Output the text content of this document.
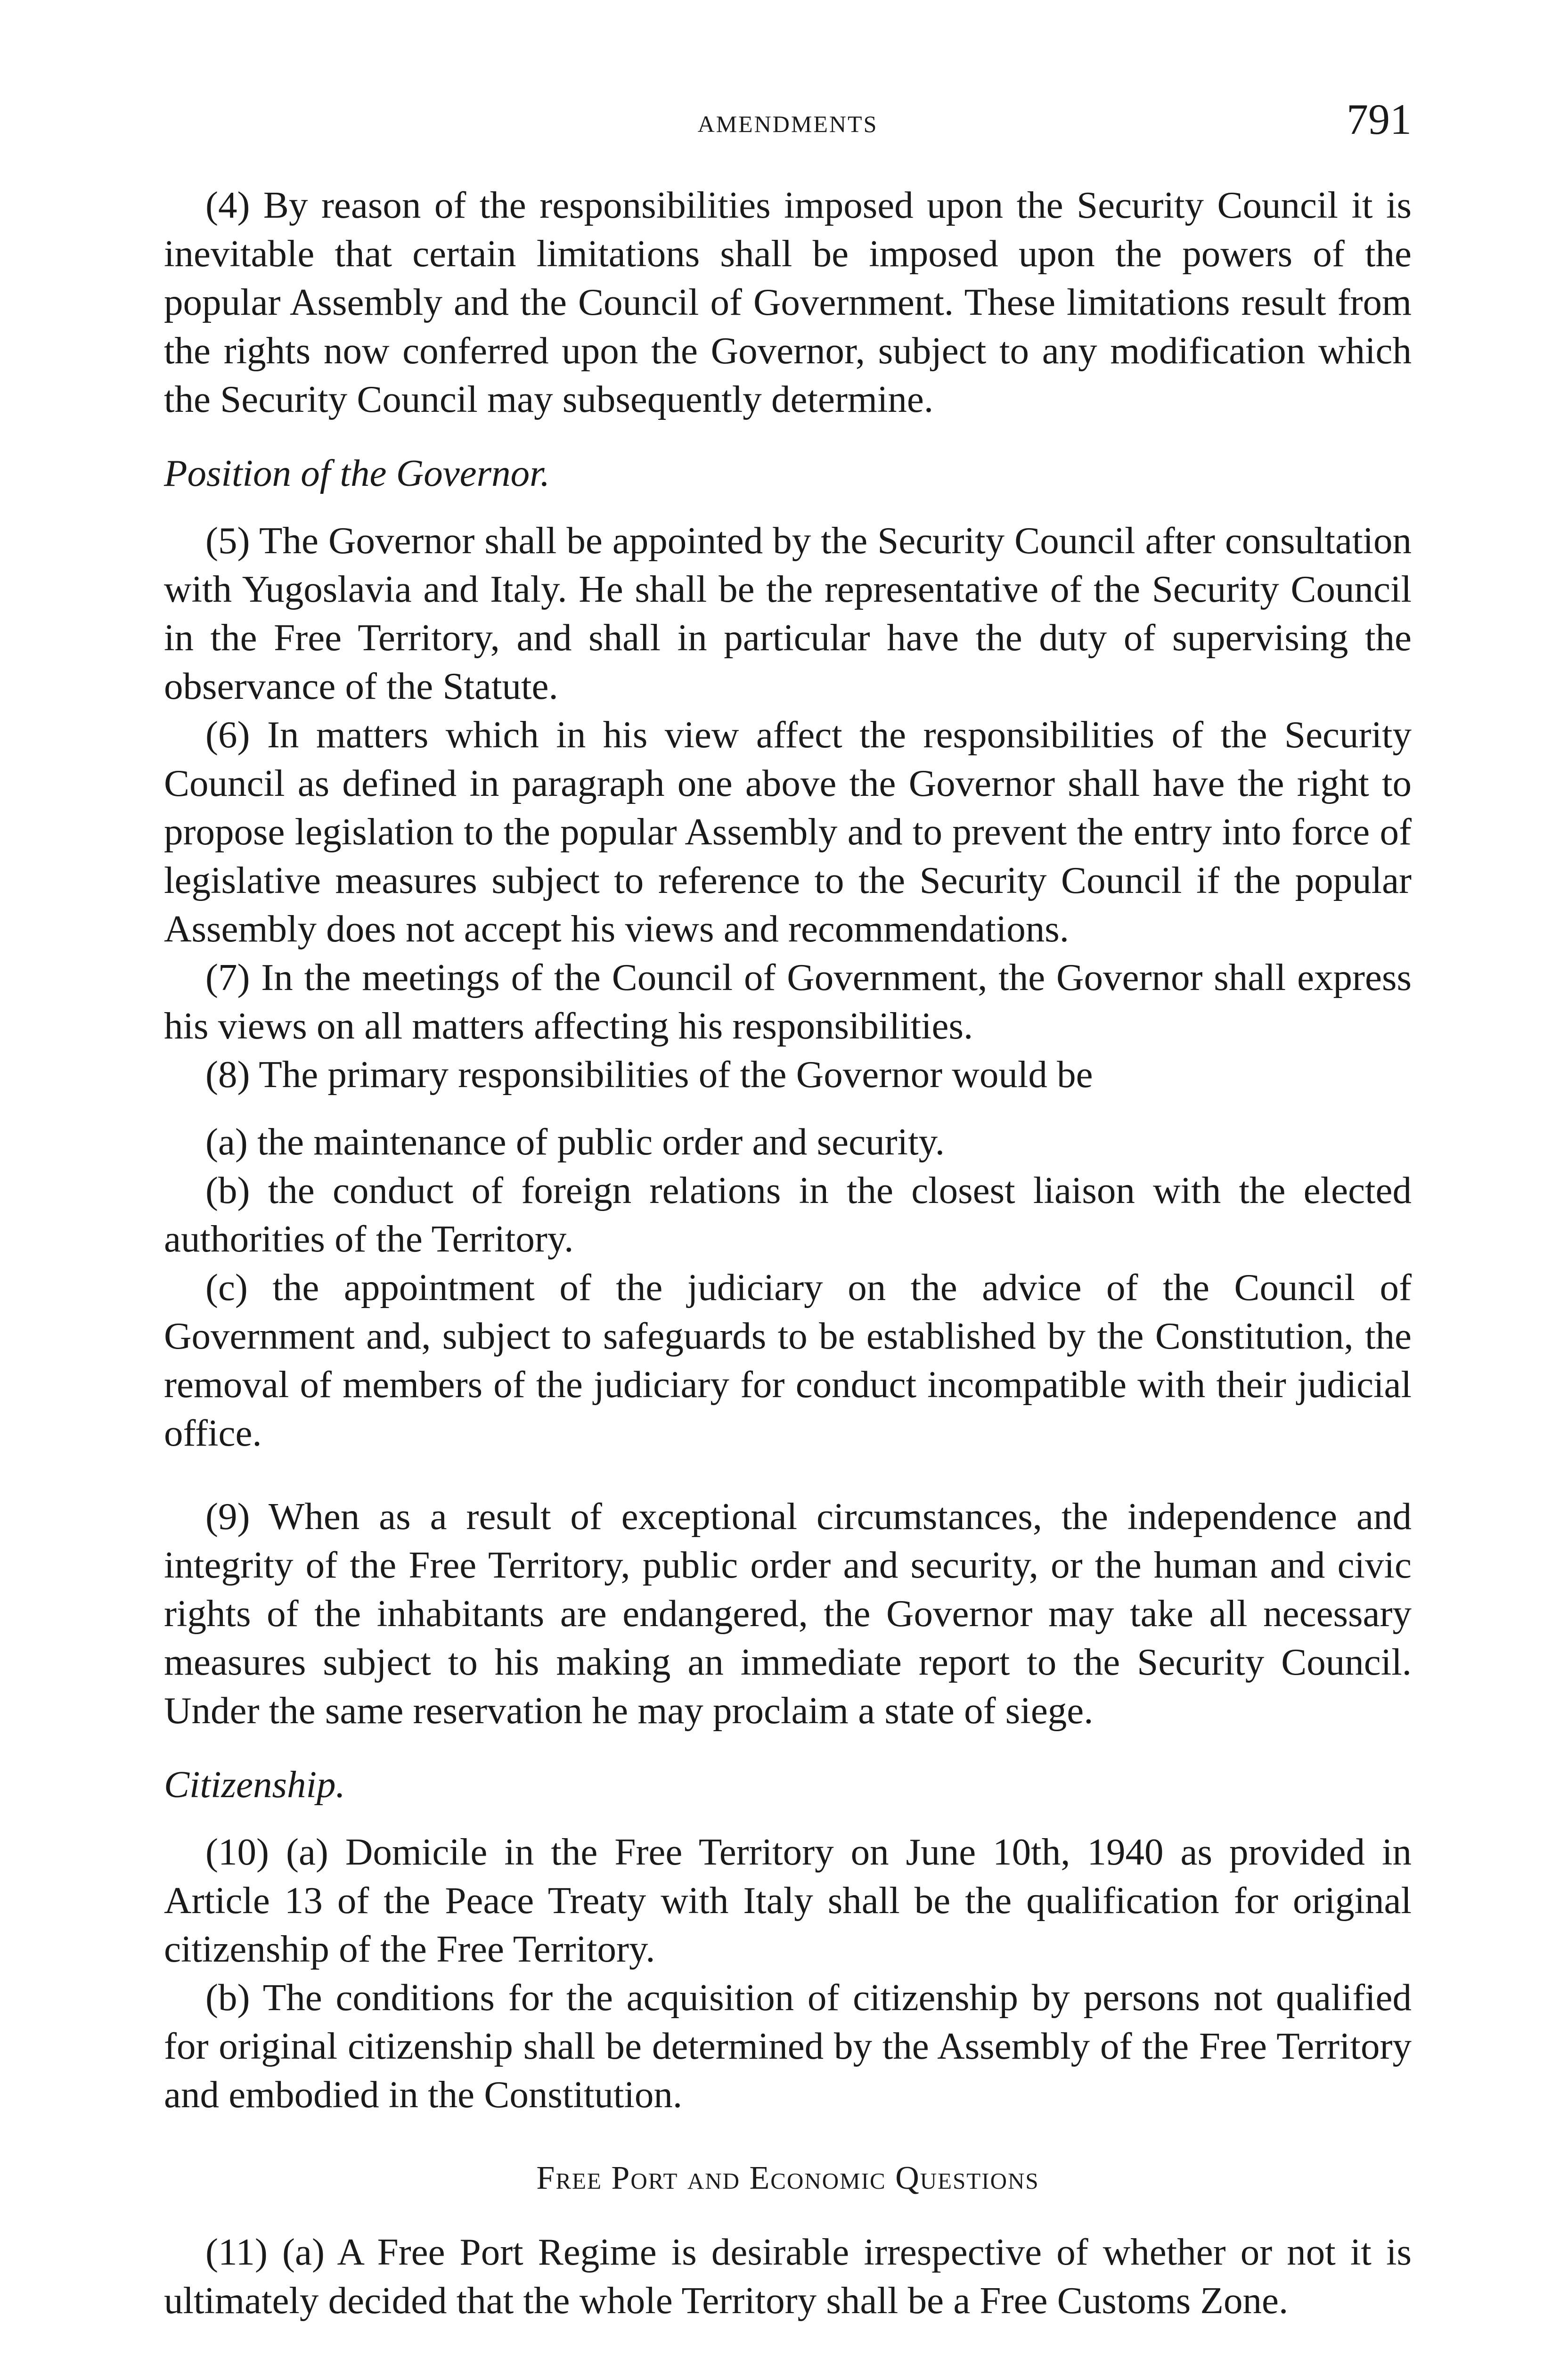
AMENDMENTS	791

(4) By reason of the responsibilities imposed upon the Security Council it is inevitable that certain limitations shall be imposed upon the powers of the popular Assembly and the Council of Government. These limitations result from the rights now conferred upon the Governor, subject to any modification which the Security Council may subsequently determine.

Position of the Governor.

(5) The Governor shall be appointed by the Security Council after consultation with Yugoslavia and Italy. He shall be the representative of the Security Council in the Free Territory, and shall in particular have the duty of supervising the observance of the Statute.

(6) In matters which in his view affect the responsibilities of the Security Council as defined in paragraph one above the Governor shall have the right to propose legislation to the popular Assembly and to prevent the entry into force of legislative measures subject to reference to the Security Council if the popular Assembly does not accept his views and recommendations.

(7) In the meetings of the Council of Government, the Governor shall express his views on all matters affecting his responsibilities.

(8) The primary responsibilities of the Governor would be

(a) the maintenance of public order and security.

(b) the conduct of foreign relations in the closest liaison with the elected authorities of the Territory.

(c) the appointment of the judiciary on the advice of the Council of Government and, subject to safeguards to be established by the Constitution, the removal of members of the judiciary for conduct incompatible with their judicial office.

(9) When as a result of exceptional circumstances, the independence and integrity of the Free Territory, public order and security, or the human and civic rights of the inhabitants are endangered, the Governor may take all necessary measures subject to his making an immediate report to the Security Council. Under the same reservation he may proclaim a state of siege.

Citizenship.

(10) (a) Domicile in the Free Territory on June 10th, 1940 as provided in Article 13 of the Peace Treaty with Italy shall be the qualification for original citizenship of the Free Territory.

(b) The conditions for the acquisition of citizenship by persons not qualified for original citizenship shall be determined by the Assembly of the Free Territory and embodied in the Constitution.

Free Port and Economic Questions

(11) (a) A Free Port Regime is desirable irrespective of whether or not it is ultimately decided that the whole Territory shall be a Free Customs Zone.
